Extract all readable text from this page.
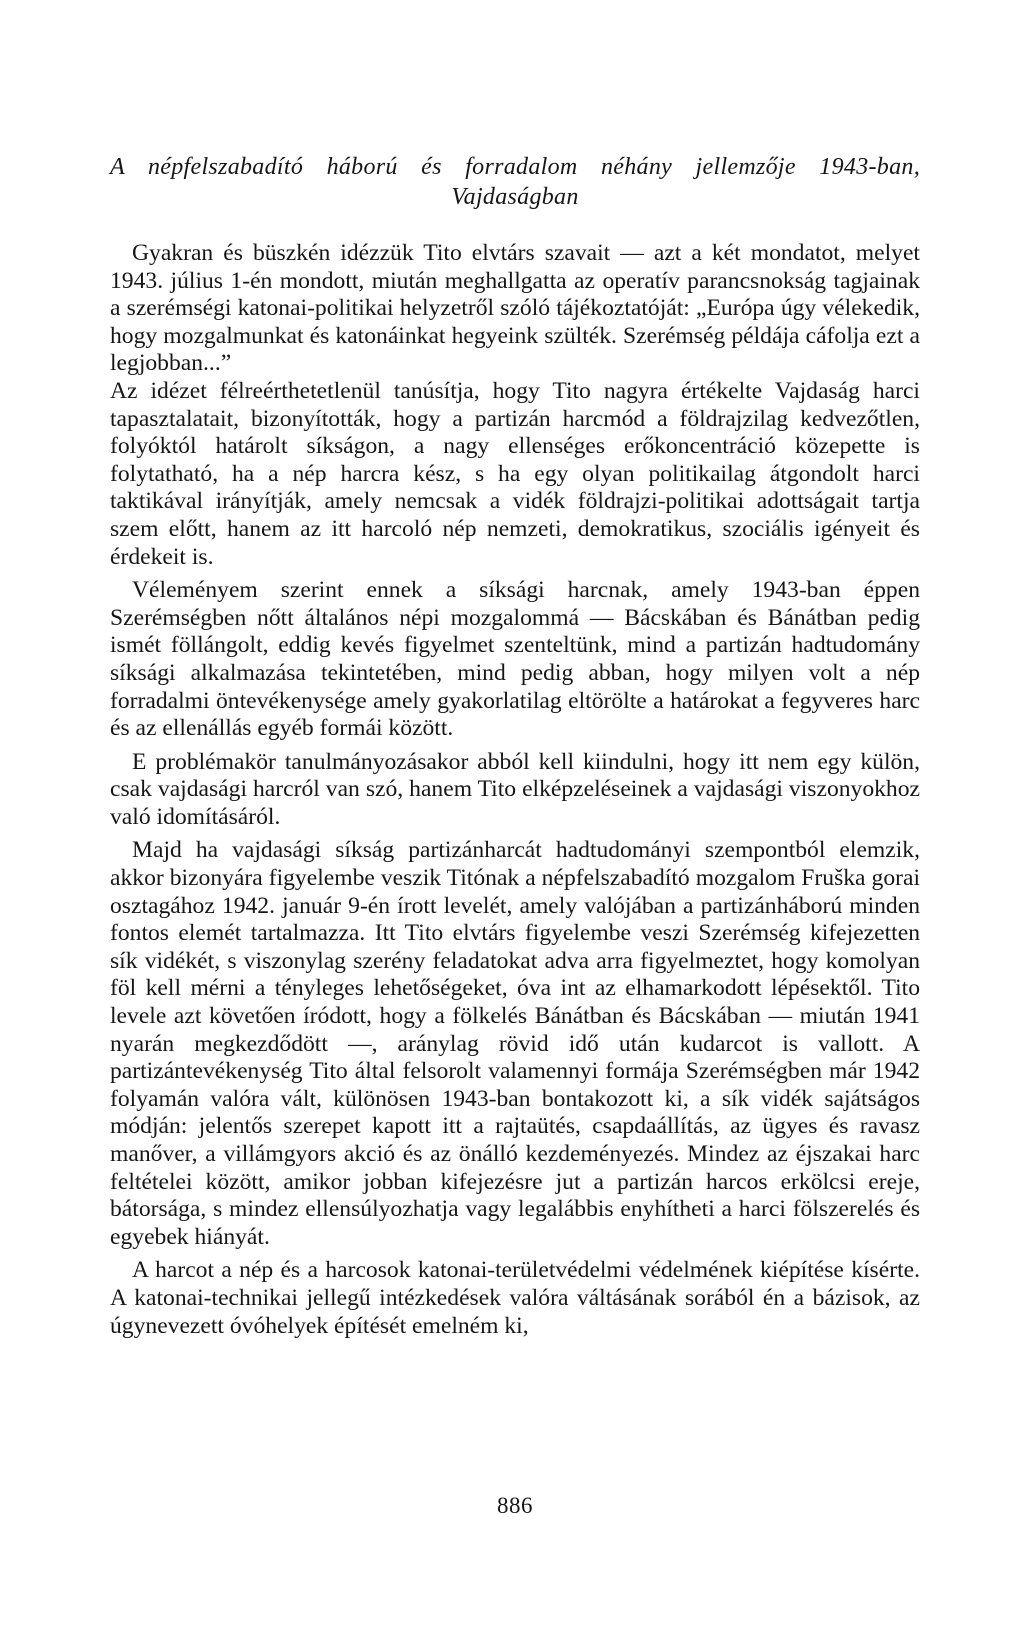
A népfelszabadító háború és forradalom néhány jellemzője 1943-ban,
Vajdaságban

Gyakran és büszkén idézzük Tito elvtárs szavait — azt a két mondatot, melyet 1943. július 1-én mondott, miután meghallgatta az operatív parancsnokság tagjainak a szerémségi katonai-politikai helyzetről szóló tájékoztatóját: „Európa úgy vélekedik, hogy mozgalmunkat és katonáinkat hegyeink szülték. Szerémség példája cáfolja ezt a legjobban...”

Az idézet félreérthetetlenül tanúsítja, hogy Tito nagyra értékelte Vajdaság harci tapasztalatait, bizonyították, hogy a partizán harcmód a földrajzilag kedvezőtlen, folyóktól határolt síkságon, a nagy ellenséges erőkoncentráció közepette is folytatható, ha a nép harcra kész, s ha egy olyan politikailag átgondolt harci taktikával irányítják, amely nemcsak a vidék földrajzi-politikai adottságait tartja szem előtt, hanem az itt harcoló nép nemzeti, demokratikus, szociális igényeit és érdekeit is.

Véleményem szerint ennek a síksági harcnak, amely 1943-ban éppen Szerémségben nőtt általános népi mozgalommá — Bácskában és Bánátban pedig ismét föllángolt, eddig kevés figyelmet szenteltünk, mind a partizán hadtudomány síksági alkalmazása tekintetében, mind pedig abban, hogy milyen volt a nép forradalmi öntevékenysége amely gyakorlatilag eltörölte a határokat a fegyveres harc és az ellenállás egyéb formái között.

E problémakör tanulmányozásakor abból kell kiindulni, hogy itt nem egy külön, csak vajdasági harcról van szó, hanem Tito elképzeléseinek a vajdasági viszonyokhoz való idomításáról.

Majd ha vajdasági síkság partizánharcát hadtudományi szempontból elemzik, akkor bizonyára figyelembe veszik Titónak a népfelszabadító mozgalom Fruška gorai osztagához 1942. január 9-én írott levelét, amely valójában a partizánháború minden fontos elemét tartalmazza. Itt Tito elvtárs figyelembe veszi Szerémség kifejezetten sík vidékét, s viszonylag szerény feladatokat adva arra figyelmeztet, hogy komolyan föl kell mérni a tényleges lehetőségeket, óva int az elhamarkodott lépésektől. Tito levele azt követően íródott, hogy a fölkelés Bánátban és Bácskában — miután 1941 nyarán megkezdődött —, aránylag rövid idő után kudarcot is vallott. A partizántevékenység Tito által felsorolt valamennyi formája Szerémségben már 1942 folyamán valóra vált, különösen 1943-ban bontakozott ki, a sík vidék sajátságos módján: jelentős szerepet kapott itt a rajtaütés, csapdaállítás, az ügyes és ravasz manőver, a villámgyors akció és az önálló kezdeményezés. Mindez az éjszakai harc feltételei között, amikor jobban kifejezésre jut a partizán harcos erkölcsi ereje, bátorsága, s mindez ellensúlyozhatja vagy legalábbis enyhítheti a harci fölszerelés és egyebek hiányát.

A harcot a nép és a harcosok katonai-területvédelmi védelmének kiépítése kísérte. A katonai-technikai jellegű intézkedések valóra váltásának sorából én a bázisok, az úgynevezett óvóhelyek építését emelném ki,

886
